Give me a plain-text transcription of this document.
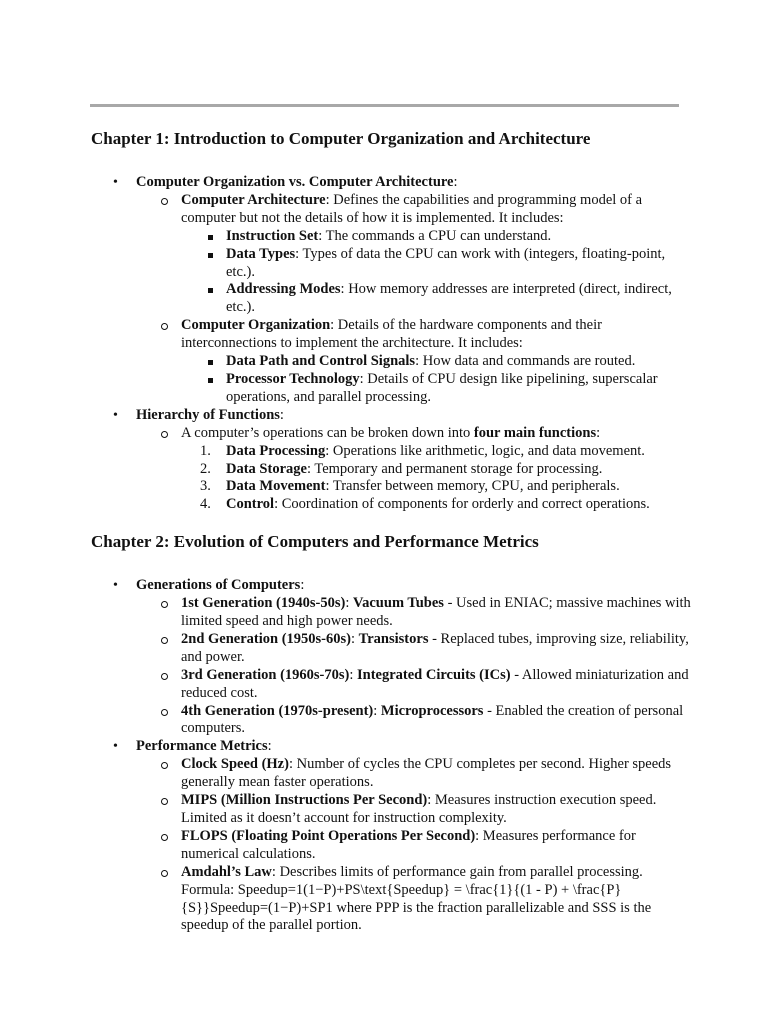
Chapter 1: Introduction to Computer Organization and Architecture
• Computer Organization vs. Computer Architecture:
Computer Architecture: Defines the capabilities and programming model of a computer but not the details of how it is implemented. It includes:
Instruction Set: The commands a CPU can understand.
Data Types: Types of data the CPU can work with (integers, floating-point, etc.).
Addressing Modes: How memory addresses are interpreted (direct, indirect, etc.).
Computer Organization: Details of the hardware components and their interconnections to implement the architecture. It includes:
Data Path and Control Signals: How data and commands are routed.
Processor Technology: Details of CPU design like pipelining, superscalar operations, and parallel processing.
• Hierarchy of Functions:
A computer’s operations can be broken down into four main functions:
1. Data Processing: Operations like arithmetic, logic, and data movement.
2. Data Storage: Temporary and permanent storage for processing.
3. Data Movement: Transfer between memory, CPU, and peripherals.
4. Control: Coordination of components for orderly and correct operations.
Chapter 2: Evolution of Computers and Performance Metrics
• Generations of Computers:
1st Generation (1940s-50s): Vacuum Tubes - Used in ENIAC; massive machines with limited speed and high power needs.
2nd Generation (1950s-60s): Transistors - Replaced tubes, improving size, reliability, and power.
3rd Generation (1960s-70s): Integrated Circuits (ICs) - Allowed miniaturization and reduced cost.
4th Generation (1970s-present): Microprocessors - Enabled the creation of personal computers.
• Performance Metrics:
Clock Speed (Hz): Number of cycles the CPU completes per second. Higher speeds generally mean faster operations.
MIPS (Million Instructions Per Second): Measures instruction execution speed. Limited as it doesn’t account for instruction complexity.
FLOPS (Floating Point Operations Per Second): Measures performance for numerical calculations.
Amdahl’s Law: Describes limits of performance gain from parallel processing. Formula: Speedup=1(1−P)+PS\text{Speedup} = \frac{1}{(1 - P) + \frac{P}{S}}Speedup=(1−P)+SP1 where PPP is the fraction parallelizable and SSS is the speedup of the parallel portion.
